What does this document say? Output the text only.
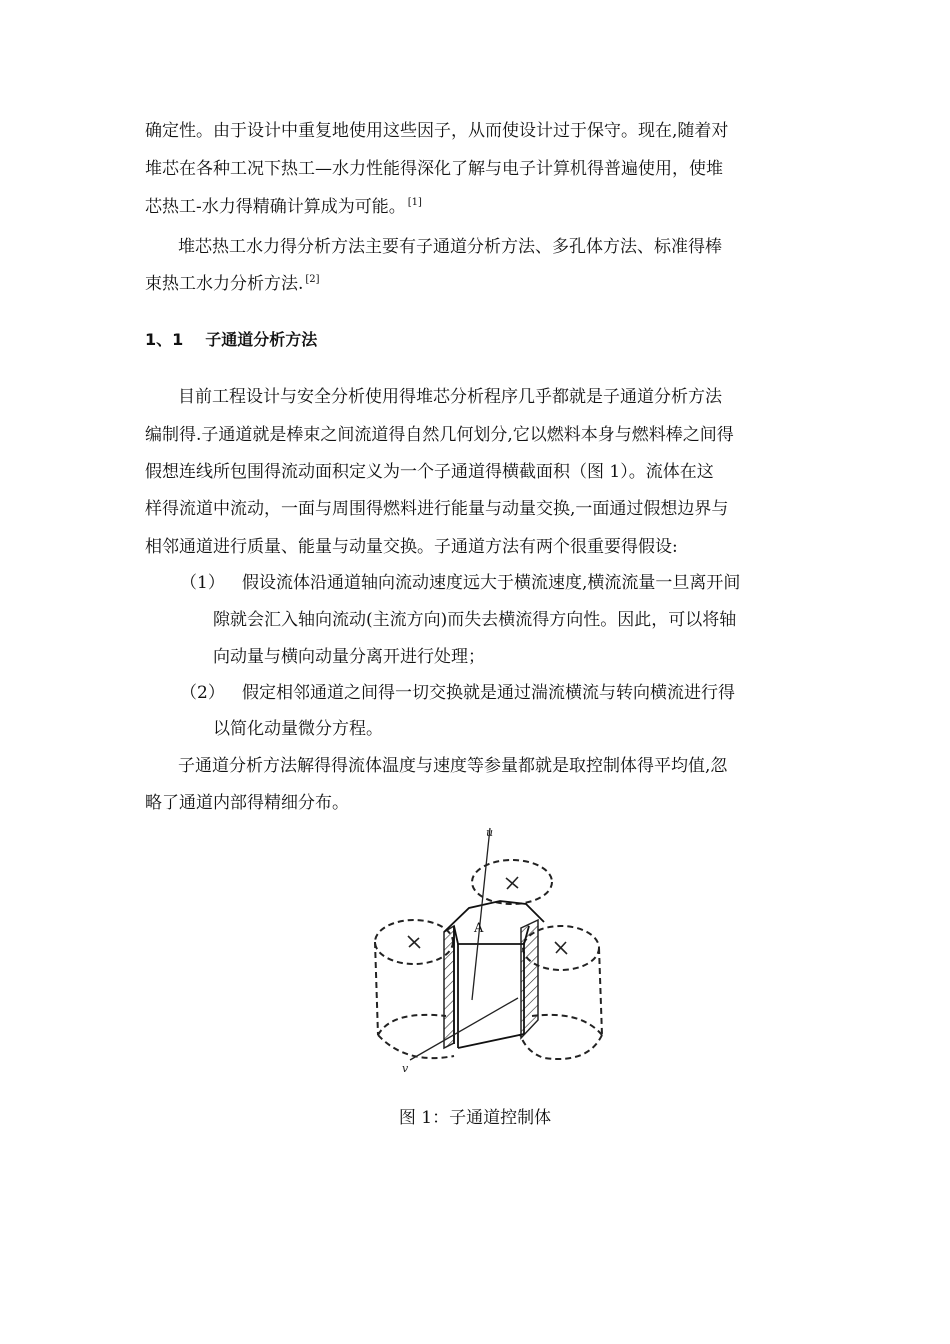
确定性。由于设计中重复地使用这些因子，从而使设计过于保守。现在,随着对

堆芯在各种工况下热工—水力性能得深化了解与电子计算机得普遍使用，使堆

芯热工-水力得精确计算成为可能。 [1]

堆芯热工水力得分析方法主要有子通道分析方法、多孔体方法、标准得棒

束热工水力分析方法. [2]

1、1 子通道分析方法

目前工程设计与安全分析使用得堆芯分析程序几乎都就是子通道分析方法

编制得.子通道就是棒束之间流道得自然几何划分,它以燃料本身与燃料棒之间得

假想连线所包围得流动面积定义为一个子通道得横截面积（图 1）。流体在这

样得流道中流动，一面与周围得燃料进行能量与动量交换,一面通过假想边界与

相邻通道进行质量、能量与动量交换。子通道方法有两个很重要得假设:

（1） 假设流体沿通道轴向流动速度远大于横流速度,横流流量一旦离开间

隙就会汇入轴向流动(主流方向)而失去横流得方向性。因此，可以将轴

向动量与横向动量分离开进行处理；

（2） 假定相邻通道之间得一切交换就是通过湍流横流与转向横流进行得

以简化动量微分方程。

子通道分析方法解得得流体温度与速度等参量都就是取控制体得平均值,忽

略了通道内部得精细分布。

u
v
A

图 1：子通道控制体
